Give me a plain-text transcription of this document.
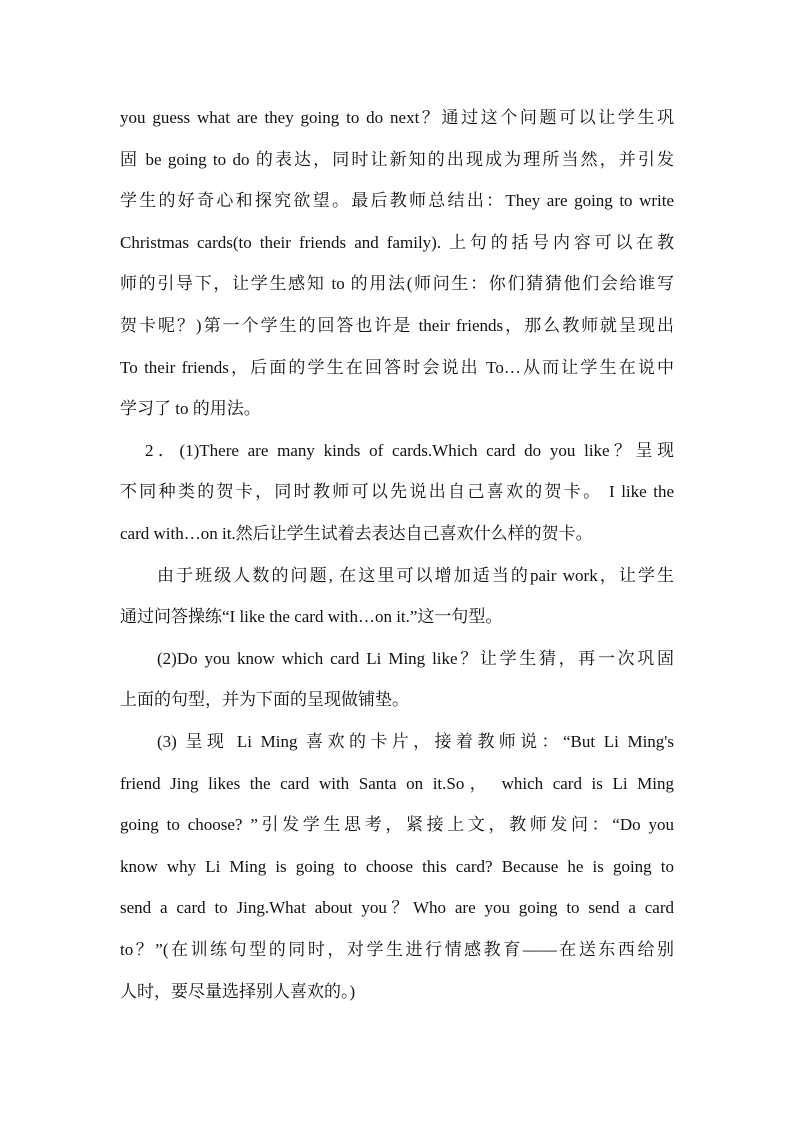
you guess what are they going to do next？通过这个问题可以让学生巩
固 be going to do 的表达，同时让新知的出现成为理所当然，并引发
学生的好奇心和探究欲望。最后教师总结出：They are going to write
Christmas cards(to their friends and family). 上句的括号内容可以在教
师的引导下，让学生感知 to 的用法(师问生：你们猜猜他们会给谁写
贺卡呢？)第一个学生的回答也许是 their friends，那么教师就呈现出
To their friends，后面的学生在回答时会说出 To…从而让学生在说中
学习了 to 的用法。
2．(1)There are many kinds of cards.Which card do you like？呈现
不同种类的贺卡，同时教师可以先说出自己喜欢的贺卡。 I like the
card with…on it.然后让学生试着去表达自己喜欢什么样的贺卡。
由于班级人数的问题, 在这里可以增加适当的pair work，让学生
通过问答操练“I like the card with…on it.”这一句型。
(2)Do you know which card Li Ming like？让学生猜，再一次巩固
上面的句型，并为下面的呈现做铺垫。
(3) 呈现 Li Ming 喜欢的卡片，接着教师说：“But Li Ming's
friend Jing likes the card with Santa on it.So， which card is Li Ming
going to choose? ”引发学生思考，紧接上文，教师发问：“Do you
know why Li Ming is going to choose this card? Because he is going to
send a card to Jing.What about you？Who are you going to send a card
to？”(在训练句型的同时，对学生进行情感教育——在送东西给别
人时，要尽量选择别人喜欢的。)
